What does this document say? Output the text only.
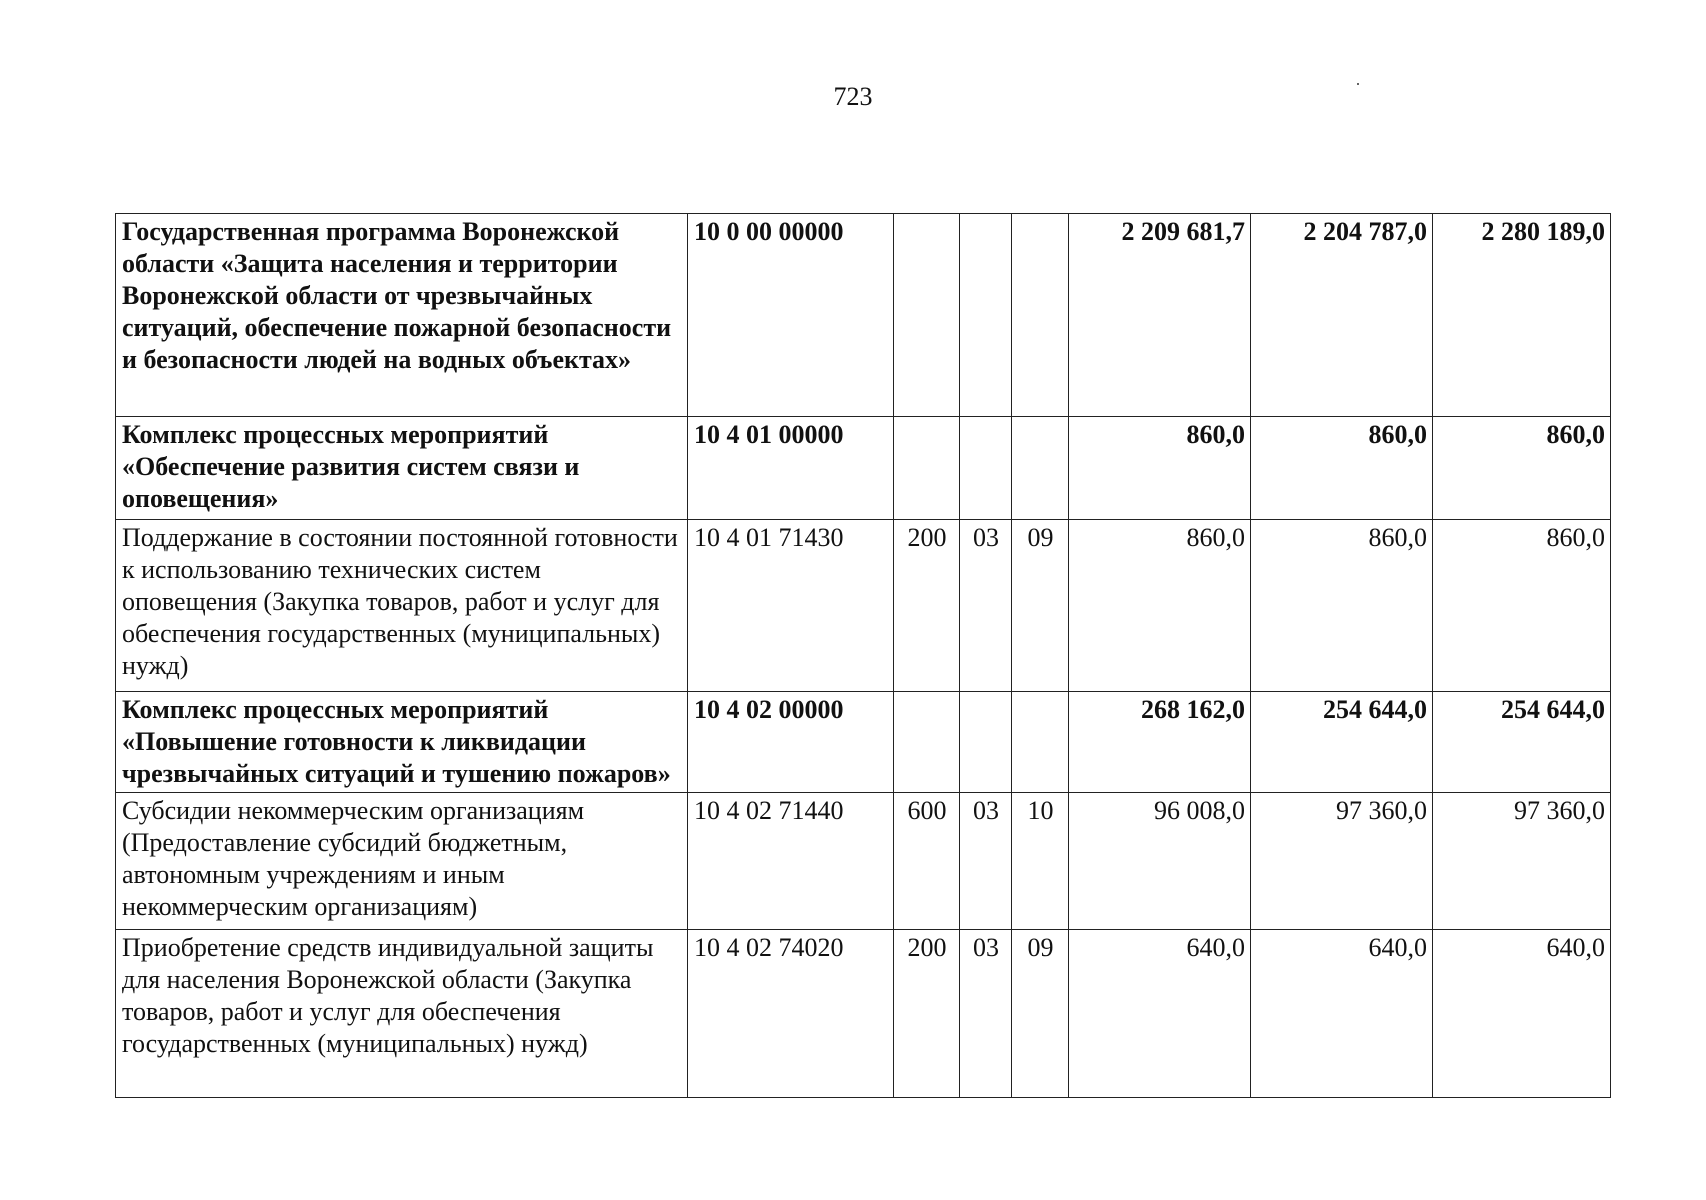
723
Государственная программа Воронежской области «Защита населения и территории Воронежской области от чрезвычайных ситуаций, обеспечение пожарной безопасности и безопасности людей на водных объектах»	10 0 00 00000				2 209 681,7	2 204 787,0	2 280 189,0
Комплекс процессных мероприятий «Обеспечение развития систем связи и оповещения»	10 4 01 00000				860,0	860,0	860,0
Поддержание в состоянии постоянной готовности к использованию технических систем оповещения (Закупка товаров, работ и услуг для обеспечения государственных (муниципальных) нужд)	10 4 01 71430	200	03	09	860,0	860,0	860,0
Комплекс процессных мероприятий «Повышение готовности к ликвидации чрезвычайных ситуаций и тушению пожаров»	10 4 02 00000				268 162,0	254 644,0	254 644,0
Субсидии некоммерческим организациям (Предоставление субсидий бюджетным, автономным учреждениям и иным некоммерческим организациям)	10 4 02 71440	600	03	10	96 008,0	97 360,0	97 360,0
Приобретение средств индивидуальной защиты для населения Воронежской области (Закупка товаров, работ и услуг для обеспечения государственных (муниципальных) нужд)	10 4 02 74020	200	03	09	640,0	640,0	640,0
